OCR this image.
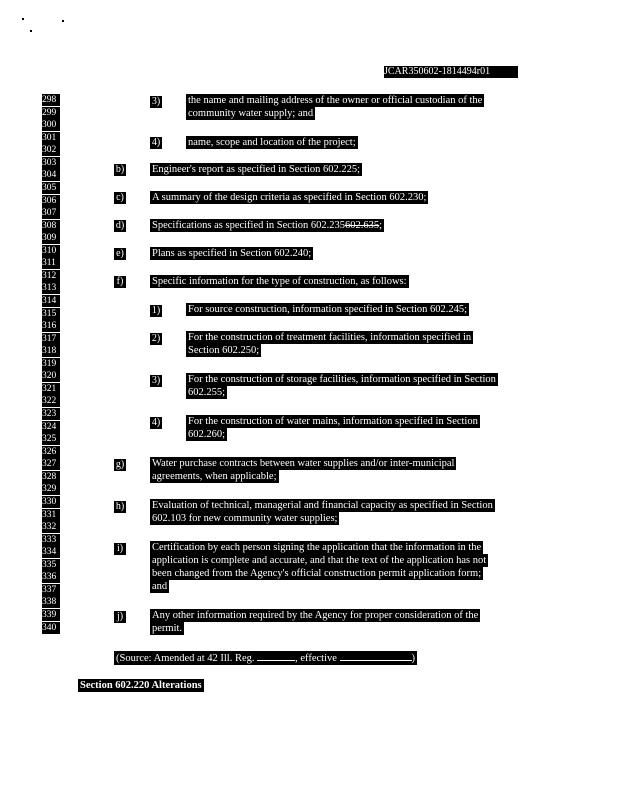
JCAR350602-1814494r01
298
299
300
301
302
303
304
305
306
307
308
309
310
311
312
313
314
315
316
317
318
319
320
321
322
323
324
325
326
327
328
329
330
331
332
333
334
335
336
337
338
339
340
3)	the name and mailing address of the owner or official custodian of the
community water supply; and
4)	name, scope and location of the project;
b)	Engineer's report as specified in Section 602.225;
c)	A summary of the design criteria as specified in Section 602.230;
d)	Specifications as specified in Section 602.235602.635;
e)	Plans as specified in Section 602.240;
f)	Specific information for the type of construction, as follows:
1)	For source construction, information specified in Section 602.245;
2)	For the construction of treatment facilities, information specified in
Section 602.250;
3)	For the construction of storage facilities, information specified in Section
602.255;
4)	For the construction of water mains, information specified in Section
602.260;
g)	Water purchase contracts between water supplies and/or inter-municipal
agreements, when applicable;
h)	Evaluation of technical, managerial and financial capacity as specified in Section
602.103 for new community water supplies;
i)	Certification by each person signing the application that the information in the
application is complete and accurate, and that the text of the application has not
been changed from the Agency's official construction permit application form;
and
j)	Any other information required by the Agency for proper consideration of the
permit.
(Source: Amended at 42 Ill. Reg.	, effective	)
Section 602.220 Alterations
